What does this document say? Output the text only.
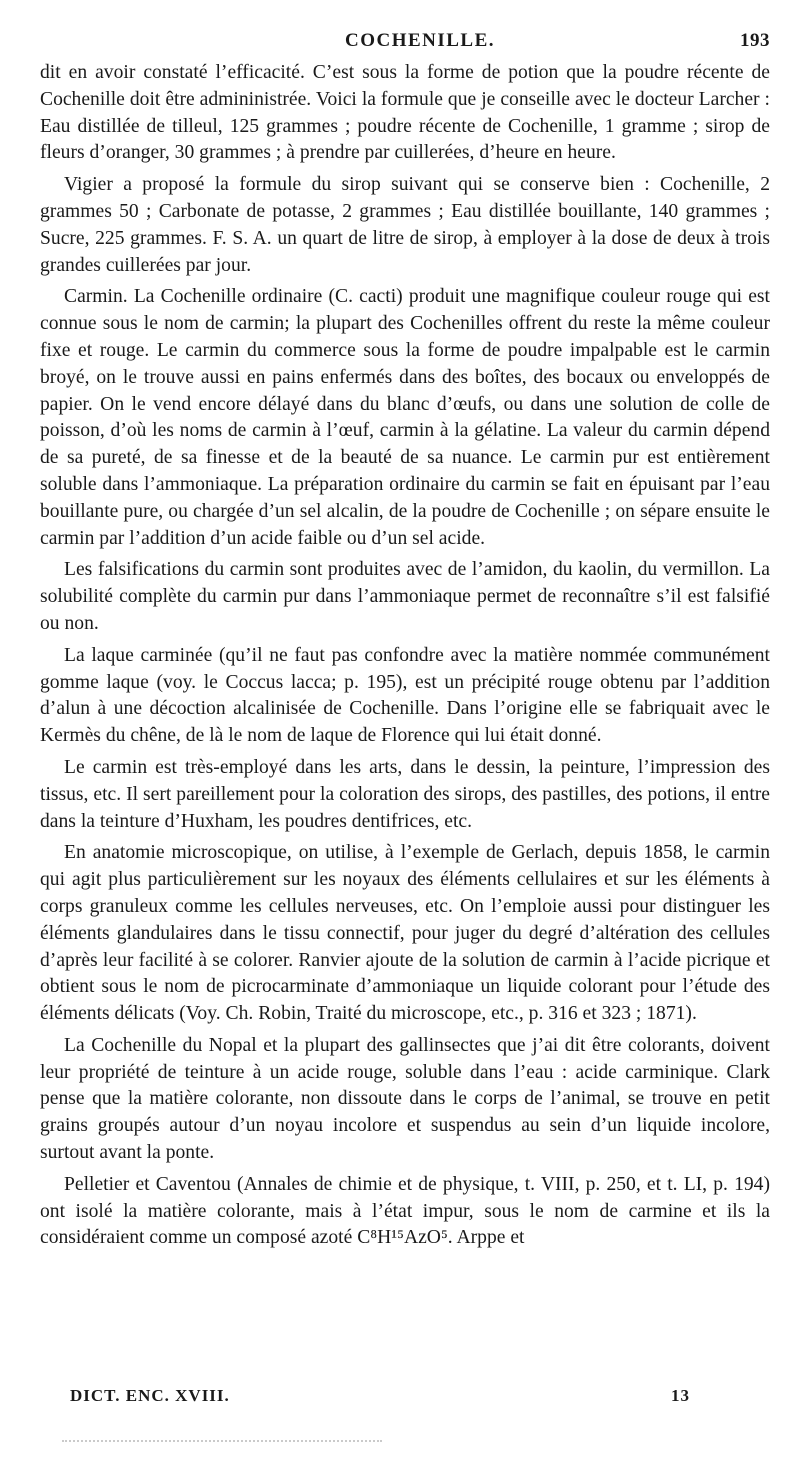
COCHENILLE.	193

dit en avoir constaté l’efficacité. C’est sous la forme de potion que la poudre récente de Cochenille doit être admininistrée. Voici la formule que je conseille avec le docteur Larcher : Eau distillée de tilleul, 125 grammes ; poudre récente de Cochenille, 1 gramme ; sirop de fleurs d’oranger, 30 grammes ; à prendre par cuillerées, d’heure en heure.

Vigier a proposé la formule du sirop suivant qui se conserve bien : Cochenille, 2 grammes 50 ; Carbonate de potasse, 2 grammes ; Eau distillée bouillante, 140 grammes ; Sucre, 225 grammes. F. S. A. un quart de litre de sirop, à employer à la dose de deux à trois grandes cuillerées par jour.

Carmin. La Cochenille ordinaire (C. cacti) produit une magnifique couleur rouge qui est connue sous le nom de carmin; la plupart des Cochenilles offrent du reste la même couleur fixe et rouge. Le carmin du commerce sous la forme de poudre impalpable est le carmin broyé, on le trouve aussi en pains enfermés dans des boîtes, des bocaux ou enveloppés de papier. On le vend encore délayé dans du blanc d’œufs, ou dans une solution de colle de poisson, d’où les noms de carmin à l’œuf, carmin à la gélatine. La valeur du carmin dépend de sa pureté, de sa finesse et de la beauté de sa nuance. Le carmin pur est entièrement soluble dans l’ammoniaque. La préparation ordinaire du carmin se fait en épuisant par l’eau bouillante pure, ou chargée d’un sel alcalin, de la poudre de Cochenille ; on sépare ensuite le carmin par l’addition d’un acide faible ou d’un sel acide.

Les falsifications du carmin sont produites avec de l’amidon, du kaolin, du vermillon. La solubilité complète du carmin pur dans l’ammoniaque permet de reconnaître s’il est falsifié ou non.

La laque carminée (qu’il ne faut pas confondre avec la matière nommée communément gomme laque (voy. le Coccus lacca; p. 195), est un précipité rouge obtenu par l’addition d’alun à une décoction alcalinisée de Cochenille. Dans l’origine elle se fabriquait avec le Kermès du chêne, de là le nom de laque de Florence qui lui était donné.

Le carmin est très-employé dans les arts, dans le dessin, la peinture, l’impression des tissus, etc. Il sert pareillement pour la coloration des sirops, des pastilles, des potions, il entre dans la teinture d’Huxham, les poudres dentifrices, etc.

En anatomie microscopique, on utilise, à l’exemple de Gerlach, depuis 1858, le carmin qui agit plus particulièrement sur les noyaux des éléments cellulaires et sur les éléments à corps granuleux comme les cellules nerveuses, etc. On l’emploie aussi pour distinguer les éléments glandulaires dans le tissu connectif, pour juger du degré d’altération des cellules d’après leur facilité à se colorer. Ranvier ajoute de la solution de carmin à l’acide picrique et obtient sous le nom de picrocarminate d’ammoniaque un liquide colorant pour l’étude des éléments délicats (Voy. Ch. Robin, Traité du microscope, etc., p. 316 et 323 ; 1871).

La Cochenille du Nopal et la plupart des gallinsectes que j’ai dit être colorants, doivent leur propriété de teinture à un acide rouge, soluble dans l’eau : acide carminique. Clark pense que la matière colorante, non dissoute dans le corps de l’animal, se trouve en petit grains groupés autour d’un noyau incolore et suspendus au sein d’un liquide incolore, surtout avant la ponte.

Pelletier et Caventou (Annales de chimie et de physique, t. VIII, p. 250, et t. LI, p. 194) ont isolé la matière colorante, mais à l’état impur, sous le nom de carmine et ils la considéraient comme un composé azoté C⁸H¹⁵AzO⁵. Arppe et

DICT. ENC. XVIII.	13
